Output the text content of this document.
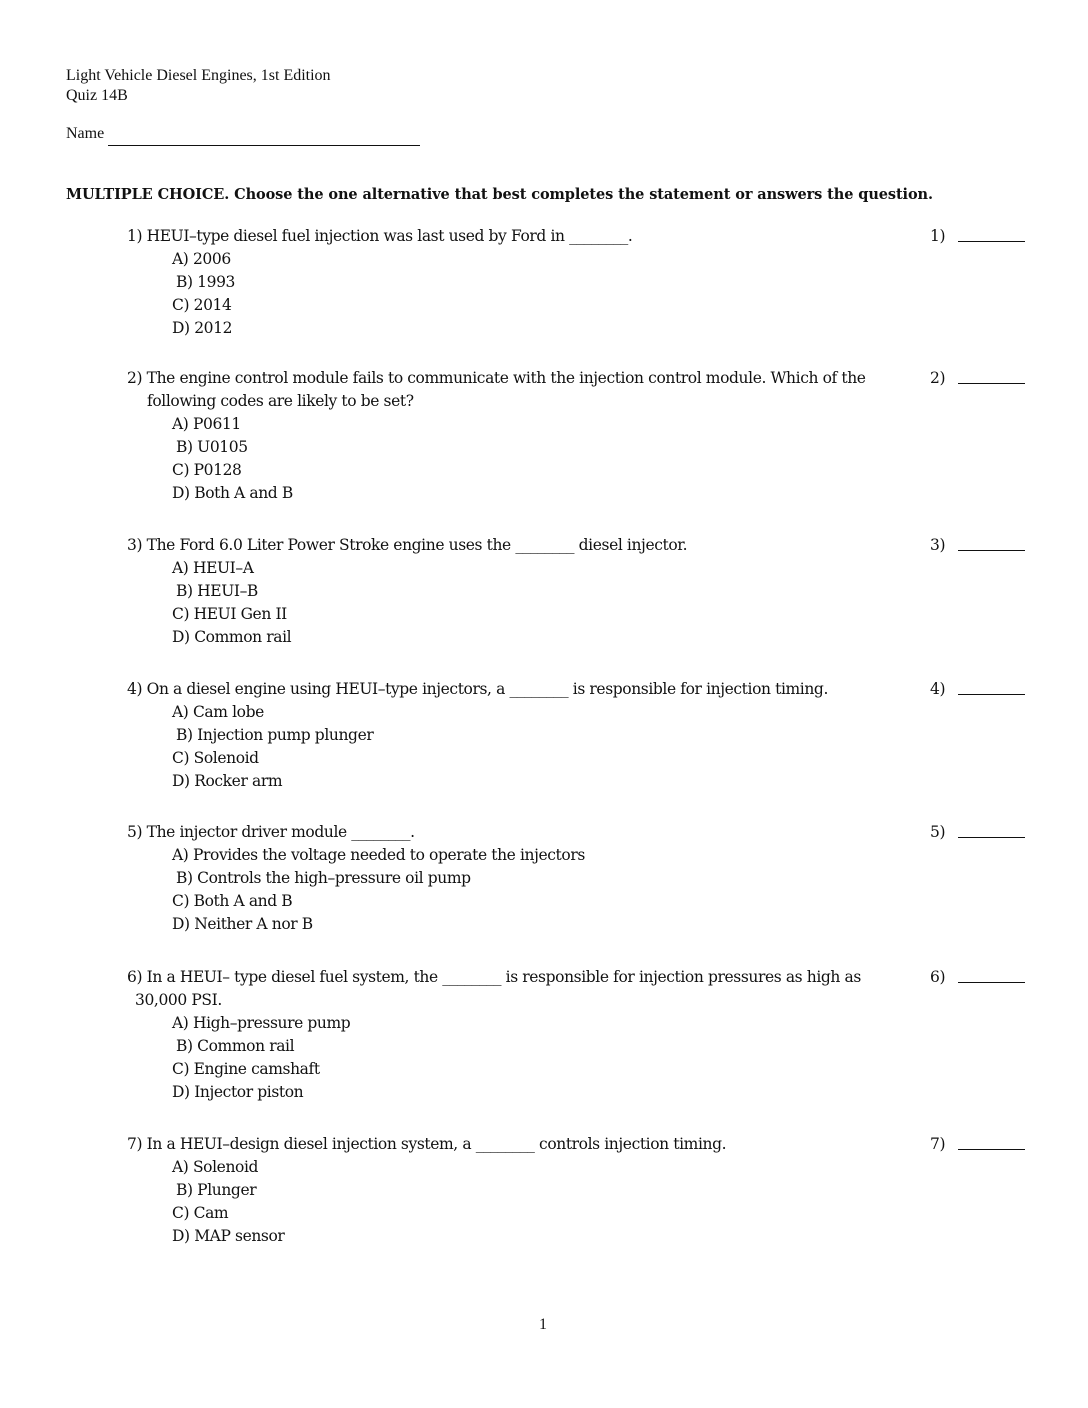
Light Vehicle Diesel Engines, 1st Edition
Quiz 14B
Name
MULTIPLE CHOICE. Choose the one alternative that best completes the statement or answers the question.
1) HEUI–type diesel fuel injection was last used by Ford in ________.
A) 2006
B) 1993
C) 2014
D) 2012
1)
2) The engine control module fails to communicate with the injection control module. Which of the
following codes are likely to be set?
A) P0611
B) U0105
C) P0128
D) Both A and B
2)
3) The Ford 6.0 Liter Power Stroke engine uses the ________ diesel injector.
A) HEUI–A
B) HEUI–B
C) HEUI Gen II
D) Common rail
3)
4) On a diesel engine using HEUI–type injectors, a ________ is responsible for injection timing.
A) Cam lobe
B) Injection pump plunger
C) Solenoid
D) Rocker arm
4)
5) The injector driver module ________.
A) Provides the voltage needed to operate the injectors
B) Controls the high–pressure oil pump
C) Both A and B
D) Neither A nor B
5)
6) In a HEUI– type diesel fuel system, the ________ is responsible for injection pressures as high as
30,000 PSI.
A) High–pressure pump
B) Common rail
C) Engine camshaft
D) Injector piston
6)
7) In a HEUI–design diesel injection system, a ________ controls injection timing.
A) Solenoid
B) Plunger
C) Cam
D) MAP sensor
7)
1
